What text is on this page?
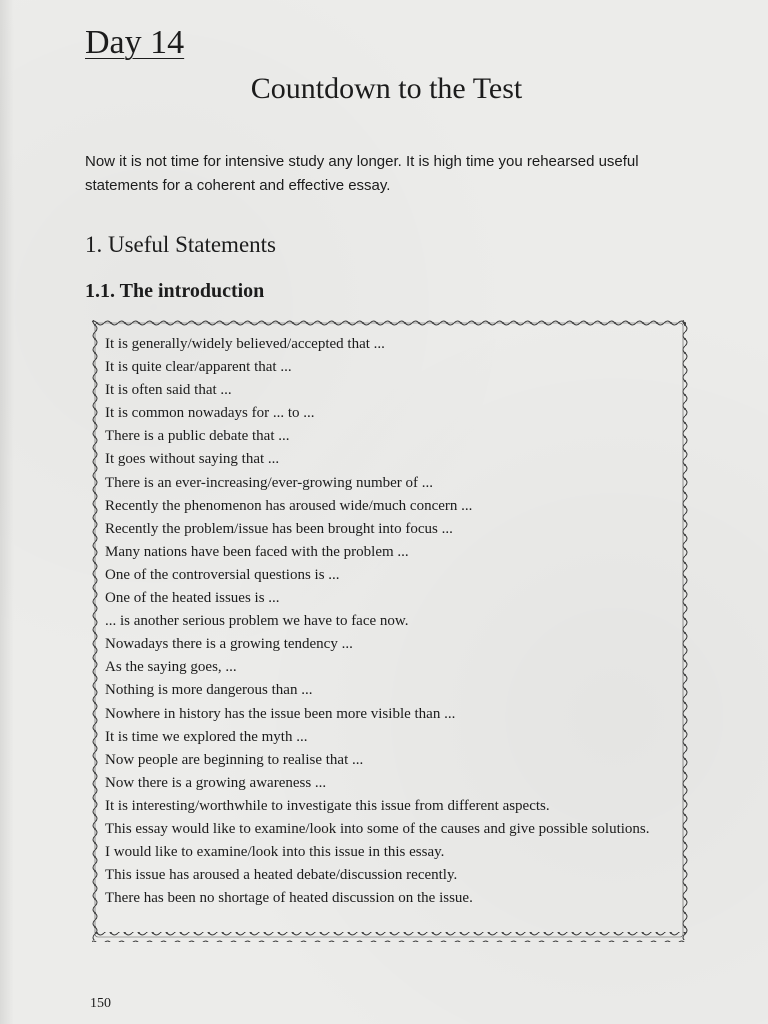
Day 14
Countdown to the Test

Now it is not time for intensive study any longer. It is high time you rehearsed useful statements for a coherent and effective essay.

1. Useful Statements
1.1. The introduction
It is generally/widely believed/accepted that ...
It is quite clear/apparent that ...
It is often said that ...
It is common nowadays for ... to ...
There is a public debate that ...
It goes without saying that ...
There is an ever-increasing/ever-growing number of ...
Recently the phenomenon has aroused wide/much concern ...
Recently the problem/issue has been brought into focus ...
Many nations have been faced with the problem ...
One of the controversial questions is ...
One of the heated issues is ...
... is another serious problem we have to face now.
Nowadays there is a growing tendency ...
As the saying goes, ...
Nothing is more dangerous than ...
Nowhere in history has the issue been more visible than ...
It is time we explored the myth ...
Now people are beginning to realise that ...
Now there is a growing awareness ...
It is interesting/worthwhile to investigate this issue from different aspects.
This essay would like to examine/look into some of the causes and give possible solutions.
I would like to examine/look into this issue in this essay.
This issue has aroused a heated debate/discussion recently.
There has been no shortage of heated discussion on the issue.
150
